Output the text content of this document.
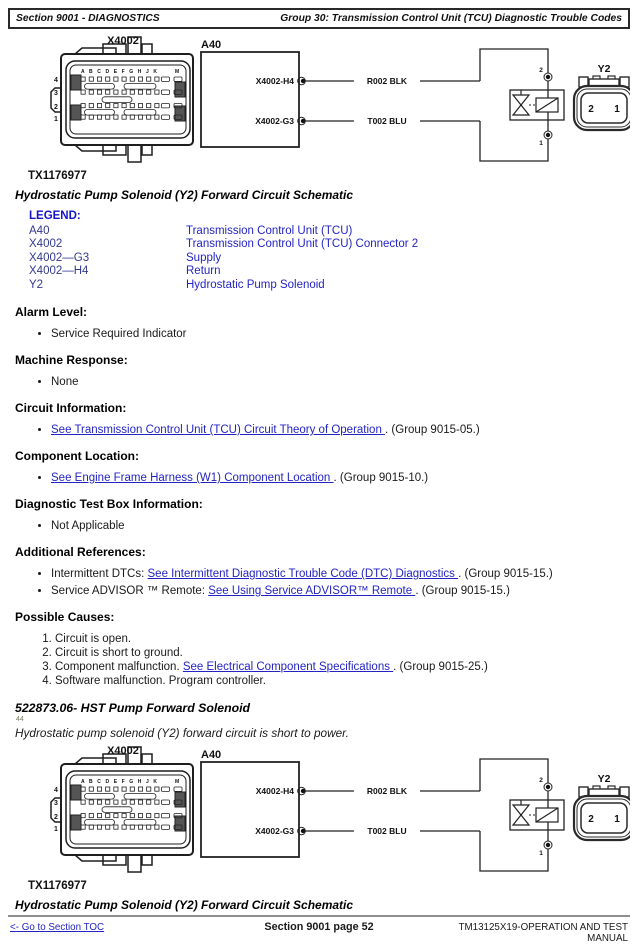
Section 9001 - DIAGNOSTICS	Group 30: Transmission Control Unit (TCU) Diagnostic Trouble Codes
A B C D E F G H J K	M
4
3
2
1
X4002	A40
X4002-H4
X4002-G3
R002 BLK
T002 BLU
2
1
Y2
2 1
TX1176977
Hydrostatic Pump Solenoid (Y2) Forward Circuit Schematic
LEGEND:
A40	Transmission Control Unit (TCU)
X4002	Transmission Control Unit (TCU) Connector 2
X4002—G3	Supply
X4002—H4	Return
Y2	Hydrostatic Pump Solenoid
Alarm Level:
• Service Required Indicator
Machine Response:
• None
Circuit Information:
• See Transmission Control Unit (TCU) Circuit Theory of Operation . (Group 9015-05.)
Component Location:
• See Engine Frame Harness (W1) Component Location . (Group 9015-10.)
Diagnostic Test Box Information:
• Not Applicable
Additional References:
• Intermittent DTCs: See Intermittent Diagnostic Trouble Code (DTC) Diagnostics . (Group 9015-15.)
• Service ADVISOR ™ Remote: See Using Service ADVISOR™ Remote . (Group 9015-15.)
Possible Causes:
1. Circuit is open.
2. Circuit is short to ground.
3. Component malfunction. See Electrical Component Specifications . (Group 9015-25.)
4. Software malfunction. Program controller.
522873.06- HST Pump Forward Solenoid
44
Hydrostatic pump solenoid (Y2) forward circuit is short to power.
A B C D E F G H J K	M
4
3
2
1
X4002	A40
X4002-H4
X4002-G3
R002 BLK
T002 BLU
2
1
Y2
2 1
TX1176977
Hydrostatic Pump Solenoid (Y2) Forward Circuit Schematic
<- Go to Section TOC	Section 9001 page 52	TM13125X19-OPERATION AND TEST MANUAL
